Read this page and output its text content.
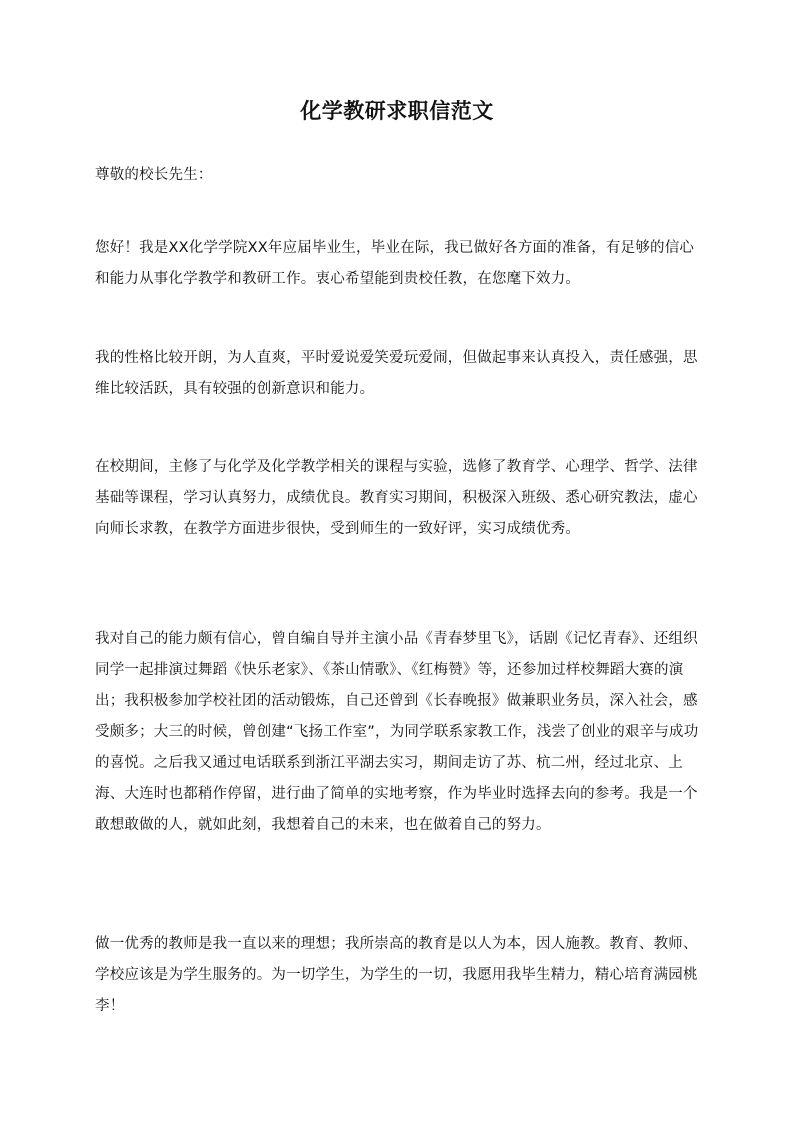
化学教研求职信范文
尊敬的校长先生：
您好！我是XX化学学院XX年应届毕业生，毕业在际，我已做好各方面的准备，有足够的信心和能力从事化学教学和教研工作。衷心希望能到贵校任教，在您麾下效力。
我的性格比较开朗，为人直爽，平时爱说爱笑爱玩爱闹，但做起事来认真投入，责任感强，思维比较活跃，具有较强的创新意识和能力。
在校期间，主修了与化学及化学教学相关的课程与实验，选修了教育学、心理学、哲学、法律基础等课程，学习认真努力，成绩优良。教育实习期间，积极深入班级、悉心研究教法，虚心向师长求教，在教学方面进步很快，受到师生的一致好评，实习成绩优秀。
我对自己的能力颇有信心，曾自编自导并主演小品《青春梦里飞》，话剧《记忆青春》、还组织同学一起排演过舞蹈《快乐老家》、《茶山情歌》、《红梅赞》等，还参加过样校舞蹈大赛的演出；我积极参加学校社团的活动锻炼，自己还曾到《长春晚报》做兼职业务员，深入社会，感受颇多；大三的时候，曾创建“飞扬工作室”，为同学联系家教工作，浅尝了创业的艰辛与成功的喜悦。之后我又通过电话联系到浙江平湖去实习，期间走访了苏、杭二州，经过北京、上海、大连时也都稍作停留，进行曲了简单的实地考察，作为毕业时选择去向的参考。我是一个敢想敢做的人，就如此刻，我想着自己的未来，也在做着自己的努力。
做一优秀的教师是我一直以来的理想；我所崇高的教育是以人为本，因人施教。教育、教师、学校应该是为学生服务的。为一切学生，为学生的一切，我愿用我毕生精力，精心培育满园桃李！
